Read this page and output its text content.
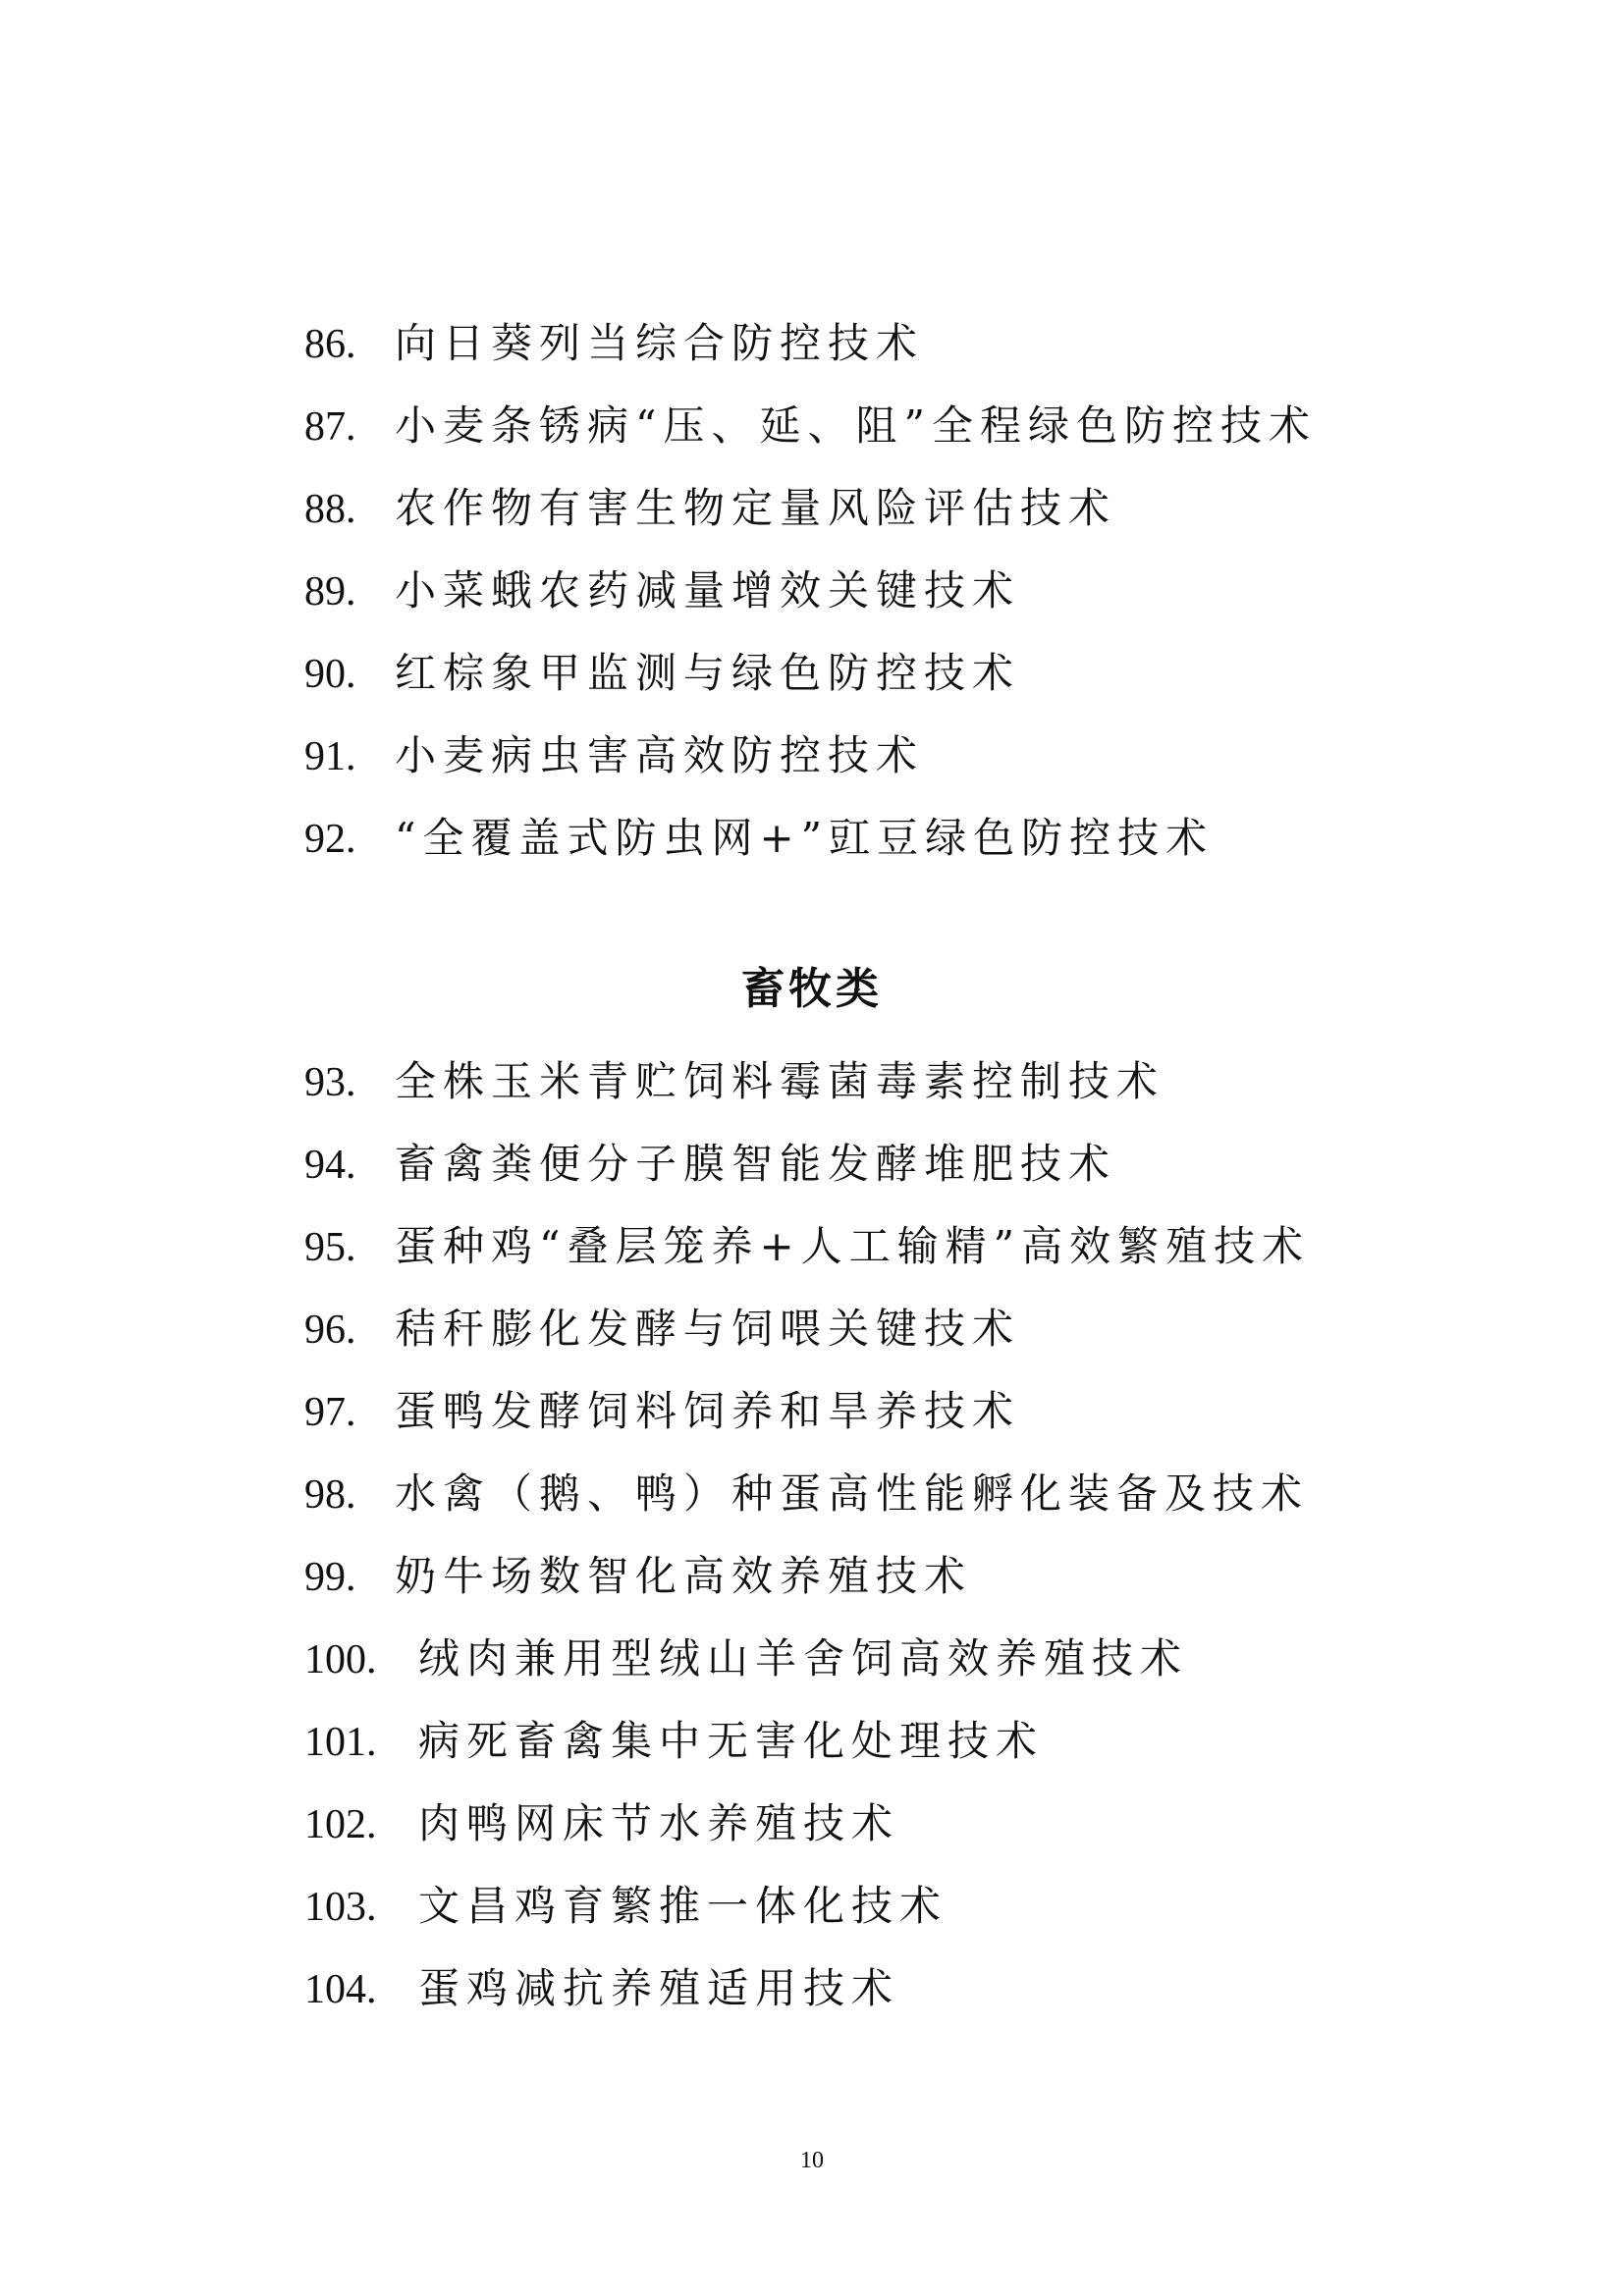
86. 向日葵列当综合防控技术
87. 小麦条锈病“压、延、阻”全程绿色防控技术
88. 农作物有害生物定量风险评估技术
89. 小菜蛾农药减量增效关键技术
90. 红棕象甲监测与绿色防控技术
91. 小麦病虫害高效防控技术
92. “全覆盖式防虫网+”豇豆绿色防控技术
畜牧类
93. 全株玉米青贮饲料霉菌毒素控制技术
94. 畜禽粪便分子膜智能发酵堆肥技术
95. 蛋种鸡“叠层笼养+人工输精”高效繁殖技术
96. 秸秆膨化发酵与饲喂关键技术
97. 蛋鸭发酵饲料饲养和旱养技术
98. 水禽（鹅、鸭）种蛋高性能孵化装备及技术
99. 奶牛场数智化高效养殖技术
100. 绒肉兼用型绒山羊舍饲高效养殖技术
101. 病死畜禽集中无害化处理技术
102. 肉鸭网床节水养殖技术
103. 文昌鸡育繁推一体化技术
104. 蛋鸡减抗养殖适用技术
10
